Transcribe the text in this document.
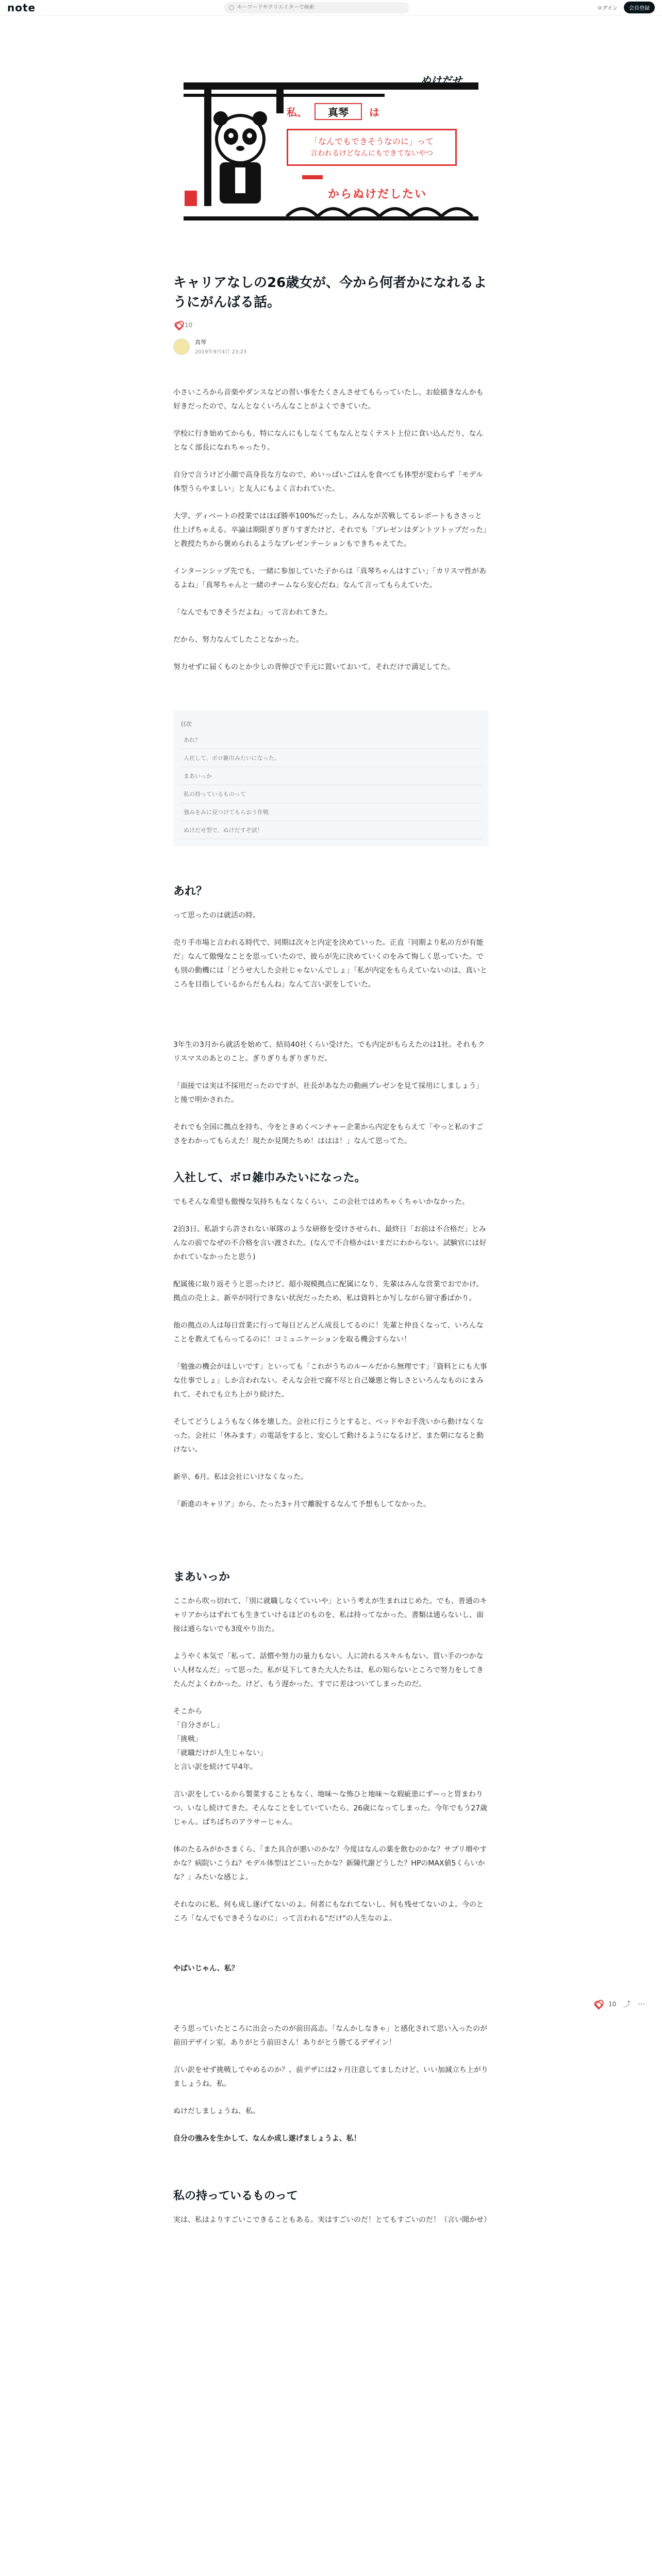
note
キーワードやクリエイターで検索	ログイン	会員登録
ぬけだせ
私、	真琴	は
「なんでもできそうなのに」って
言われるけどなんにもできてないやつ
からぬけだしたい
キャリアなしの26歳女が、今から何者かになれるようにがんばる話。
10
真琴
2019年9月4日 23:23

小さいころから音楽やダンスなどの習い事をたくさんさせてもらっていたし、お絵描きなんかも好きだったので、なんとなくいろんなことがよくできていた。

学校に行き始めてからも、特になんにもしなくてもなんとなくテスト上位に食い込んだり、なんとなく部長になれちゃったり。

自分で言うけど小顔で高身長な方なので、めいっぱいごはんを食べても体型が変わらず「モデル体型うらやましい」と友人にもよく言われていた。

大学、ディベートの授業ではほぼ勝率100%だったし、みんなが苦戦してるレポートもささっと仕上げちゃえる。卒論は期限ぎりぎりすぎたけど、それでも「プレゼンはダントツトップだった」と教授たちから褒められるようなプレゼンテーションもできちゃえてた。

インターンシップ先でも、一緒に参加していた子からは「真琴ちゃんはすごい」「カリスマ性があるよね」「真琴ちゃんと一緒のチームなら安心だね」なんて言ってもらえていた。

「なんでもできそうだよね」って言われてきた。

だから、努力なんてしたことなかった。

努力せずに届くものとか少しの背伸びで手元に置いておいて、それだけで満足してた。

目次
あれ？
入社して、ボロ雑巾みたいになった。
まあいっか
私の持っているものって
強みをみに見つけてもらおう作戦
ぬけだせ型で、ぬけだすぞ試！
あれ？

って思ったのは就活の時。

売り手市場と言われる時代で、同期は次々と内定を決めていった。正直「同期より私の方が有能だ」なんて傲慢なことを思っていたので、彼らが先に決めていくのをみて悔しく思っていた。でも別の動機には「どうせ大した会社じゃないんでしょ」「私が内定をもらえていないのは、真いところを目指しているからだもんね」なんて言い訳をしていた。

3年生の3月から就活を始めて、結局40社くらい受けた。でも内定がもらえたのは1社。それもクリスマスのあとのこと。ぎりぎりもぎりぎりだ。

「面接では実は不採用だったのですが、社長があなたの動画プレゼンを見て採用にしましょう」と後で明かされた。

それでも全国に拠点を持ち、今をときめくベンチャー企業から内定をもらえて「やっと私のすごさをわかってもらえた！現たか見関たちめ！ははは！」なんて思ってた。

入社して、ボロ雑巾みたいになった。

でもそんな希望も傲慢な気持ちもなくなくらい、この会社ではめちゃくちゃいかなかった。

2泊3日、私語すら許されない軍隊のような研修を受けさせられ、最終日「お前は不合格だ」とみんなの前でなぜの不合格を言い渡された。(なんで不合格かはいまだにわからない。試験官には好かれていなかったと思う)

配属後に取り返そうと思ったけど、超小規模拠点に配属になり、先輩はみんな営業でおでかけ。拠点の売上よ、新卒が同行できない状況だったため、私は資料とか写しながら留守番ばかり。

他の拠点の人は毎日営業に行って毎日どんどん成長してるのに！先輩と仲良くなって、いろんなことを教えてもらってるのに！コミュニケーションを取る機会すらない！

「勉強の機会がほしいです」といっても「これがうちのルールだから無理です」「資料とにも大事な仕事でしょ」しか言われない。そんな会社で腐不尽と自己嫌悪と悔しさといろんなものにまみれて、それでも立ち上がり続けた。

そしてどうしようもなく体を壊した。会社に行こうとすると、ベッドやお手洗いから動けなくなった。会社に「休みます」の電話をすると、安心して動けるようになるけど、また朝になると動けない。

新卒、6月。私は会社にいけなくなった。

「新進のキャリア」から、たった3ヶ月で離脱するなんて予想もしてなかった。

まあいっか

ここから吹っ切れて、「別に就職しなくていいや」という考えが生まれはじめた。でも、普通のキャリアからはずれても生きていけるほどのものを、私は持ってなかった。書類は通らないし、面接は通らないでも3度やり出た。

ようやく本気で「私って、話慣や努力の量力もない。人に誇れるスキルもない。買い手のつかない人材なんだ」って思った。私が見下してきた大人たちは、私の知らないところで努力をしてきたんだよくわかった。けど、もう遅かった。すでに差はついてしまったのだ。

そこから
「自分さがし」
「挑戦」
「就職だけが人生じゃない」
と言い訳を続けて早4年。

言い訳をしているから製菜することもなく、地味〜な怖ひと地味〜な瑕疵患にずーっと胃まわりつ、いなし続けてきた。そんなことをしていていたら、26歳になってしまった。今年でもう27歳じゃん。ぱちぱちのアラサーじゃん。

体のたるみがかさまくら、「また具合が悪いのかな？今度はなんの薬を飲むのかな？サプリ増やすかな？病院いこうね？モデル体型はどこいったかな？新陳代謝どうした？HPのMAX値5くらいかな？」みたいな感じよ。

それなのに私、何も成し遂げてないのよ。何者にもなれてないし、何も残せてないのよ。今のところ「なんでもできそうなのに」って言われる"だけ"の人生なのよ。

やばいじゃん、私？

そう思っていたところに出会ったのが前田高志。「なんかしなきゃ」と感化されて思い入ったのが前田デザイン室。ありがとう前田さん！ありがとう勝てるデザイン！

言い訳をせず挑戦してやめるのか？、前デザには2ヶ月注意してましたけど、いい加減立ち上がりましょうね、私。

ぬけだしましょうね、私。

自分の強みを生かして、なんか成し遂げましょうよ、私！

私の持っているものって

実は、私はよりすごいこできることもある。実はすごいのだ！とてもすごいのだ！（言い聞かせ）

10 ⤴ ⋯
